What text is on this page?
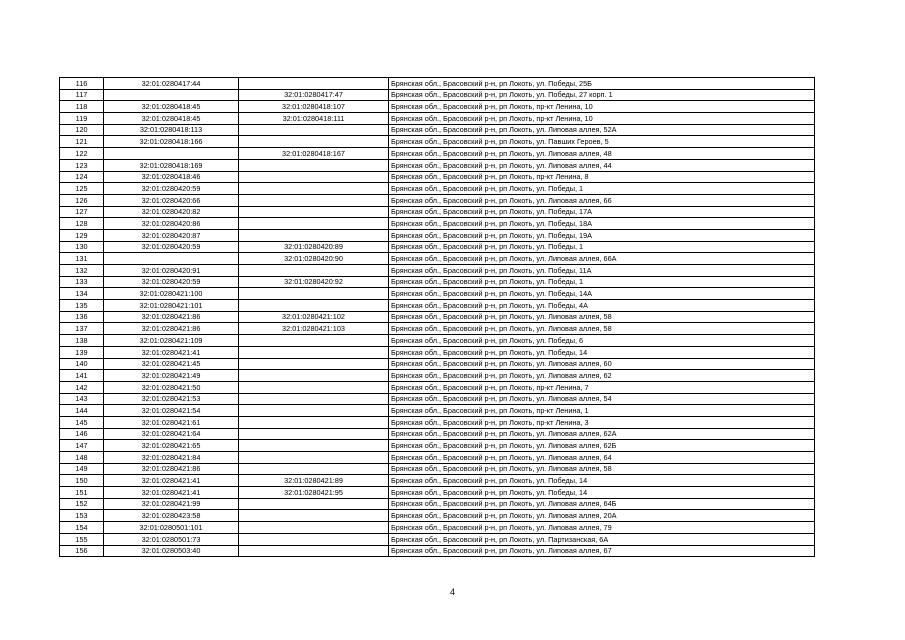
116	32:01:0280417:44		Брянская обл., Брасовский р-н, рп Локоть, ул. Победы, 25Б
117		32:01:0280417:47	Брянская обл., Брасовский р-н, рп Локоть, ул. Победы, 27 корп. 1
118	32:01:0280418:45	32:01:0280418:107	Брянская обл., Брасовский р-н, рп Локоть, пр-кт Ленина, 10
119	32:01:0280418:45	32:01:0280418:111	Брянская обл., Брасовский р-н, рп Локоть, пр-кт Ленина, 10
120	32:01:0280418:113		Брянская обл., Брасовский р-н, рп Локоть, ул. Липовая аллея, 52А
121	32:01:0280418:166		Брянская обл., Брасовский р-н, рп Локоть, ул. Павших Героев, 5
122		32:01:0280418:167	Брянская обл., Брасовский р-н, рп Локоть, ул. Липовая аллея, 48
123	32:01:0280418:169		Брянская обл., Брасовский р-н, рп Локоть, ул. Липовая аллея, 44
124	32:01:0280418:46		Брянская обл., Брасовский р-н, рп Локоть, пр-кт Ленина, 8
125	32:01:0280420:59		Брянская обл., Брасовский р-н, рп Локоть, ул. Победы, 1
126	32:01:0280420:66		Брянская обл., Брасовский р-н, рп Локоть, ул. Липовая аллея, 66
127	32:01:0280420:82		Брянская обл., Брасовский р-н, рп Локоть, ул. Победы, 17А
128	32:01:0280420:86		Брянская обл., Брасовский р-н, рп Локоть, ул. Победы, 18А
129	32:01:0280420:87		Брянская обл., Брасовский р-н, рп Локоть, ул. Победы, 19А
130	32:01:0280420:59	32:01:0280420:89	Брянская обл., Брасовский р-н, рп Локоть, ул. Победы, 1
131		32:01:0280420:90	Брянская обл., Брасовский р-н, рп Локоть, ул. Липовая аллея, 66А
132	32:01:0280420:91		Брянская обл., Брасовский р-н, рп Локоть, ул. Победы, 11А
133	32:01:0280420:59	32:01:0280420:92	Брянская обл., Брасовский р-н, рп Локоть, ул. Победы, 1
134	32:01:0280421:100		Брянская обл., Брасовский р-н, рп Локоть, ул. Победы, 14А
135	32:01:0280421:101		Брянская обл., Брасовский р-н, рп Локоть, ул. Победы, 4А
136	32:01:0280421:86	32:01:0280421:102	Брянская обл., Брасовский р-н, рп Локоть, ул. Липовая аллея, 58
137	32:01:0280421:86	32:01:0280421:103	Брянская обл., Брасовский р-н, рп Локоть, ул. Липовая аллея, 58
138	32:01:0280421:109		Брянская обл., Брасовский р-н, рп Локоть, ул. Победы, 6
139	32:01:0280421:41		Брянская обл., Брасовский р-н, рп Локоть, ул. Победы, 14
140	32:01:0280421:45		Брянская обл., Брасовский р-н, рп Локоть, ул. Липовая аллея, 60
141	32:01:0280421:49		Брянская обл., Брасовский р-н, рп Локоть, ул. Липовая аллея, 62
142	32:01:0280421:50		Брянская обл., Брасовский р-н, рп Локоть, пр-кт Ленина, 7
143	32:01:0280421:53		Брянская обл., Брасовский р-н, рп Локоть, ул. Липовая аллея, 54
144	32:01:0280421:54		Брянская обл., Брасовский р-н, рп Локоть, пр-кт Ленина, 1
145	32:01:0280421:61		Брянская обл., Брасовский р-н, рп Локоть, пр-кт Ленина, 3
146	32:01:0280421:64		Брянская обл., Брасовский р-н, рп Локоть, ул. Липовая аллея, 62А
147	32:01:0280421:65		Брянская обл., Брасовский р-н, рп Локоть, ул. Липовая аллея, 62Б
148	32:01:0280421:84		Брянская обл., Брасовский р-н, рп Локоть, ул. Липовая аллея, 64
149	32:01:0280421:86		Брянская обл., Брасовский р-н, рп Локоть, ул. Липовая аллея, 58
150	32:01:0280421:41	32:01:0280421:89	Брянская обл., Брасовский р-н, рп Локоть, ул. Победы, 14
151	32:01:0280421:41	32:01:0280421:95	Брянская обл., Брасовский р-н, рп Локоть, ул. Победы, 14
152	32:01:0280421:99		Брянская обл., Брасовский р-н, рп Локоть, ул. Липовая аллея, 64Б
153	32:01:0280423:58		Брянская обл., Брасовский р-н, рп Локоть, ул. Липовая аллея, 20А
154	32:01:0280501:101		Брянская обл., Брасовский р-н, рп Локоть, ул. Липовая аллея, 79
155	32:01:0280501:73		Брянская обл., Брасовский р-н, рп Локоть, ул. Партизанская, 6А
156	32:01:0280503:40		Брянская обл., Брасовский р-н, рп Локоть, ул. Липовая аллея, 67
4
